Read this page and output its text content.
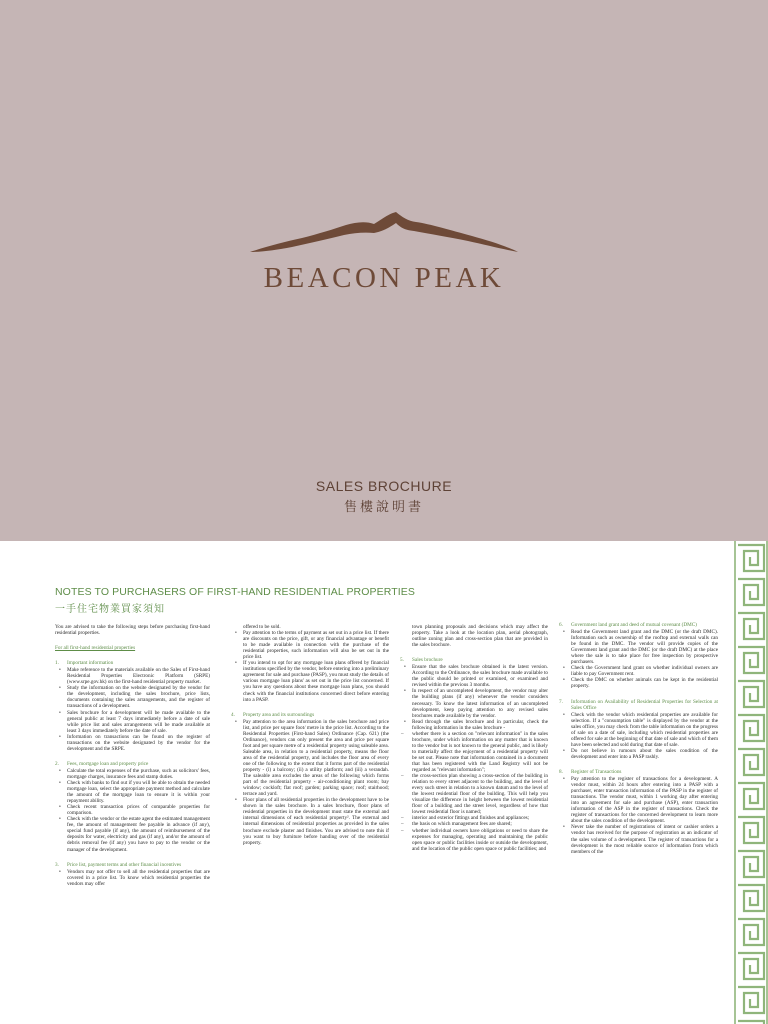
BEACON PEAK
SALES BROCHURE
售樓說明書
NOTES TO PURCHASERS OF FIRST-HAND RESIDENTIAL PROPERTIES
一手住宅物業買家須知

You are advised to take the following steps before purchasing first-hand residential properties.

For all first-hand residential properties

1. Important information
• Make reference to the materials available on the Sales of First-hand Residential Properties Electronic Platform (SRPE) (www.srpe.gov.hk) on the first-hand residential property market.
• Study the information on the website designated by the vendor for the development, including the sales brochure, price lists, documents containing the sales arrangements, and the register of transactions of a development.
• Sales brochure for a development will be made available to the general public at least 7 days immediately before a date of sale while price list and sales arrangements will be made available at least 3 days immediately before the date of sale.
• Information on transactions can be found on the register of transactions on the website designated by the vendor for the development and the SRPE.
2. Fees, mortgage loan and property price
• Calculate the total expenses of the purchase, such as solicitors' fees, mortgage charges, insurance fees and stamp duties.
• Check with banks to find out if you will be able to obtain the needed mortgage loan, select the appropriate payment method and calculate the amount of the mortgage loan to ensure it is within your repayment ability.
• Check recent transaction prices of comparable properties for comparison.
• Check with the vendor or the estate agent the estimated management fee, the amount of management fee payable in advance (if any), special fund payable (if any), the amount of reimbursement of the deposits for water, electricity and gas (if any), and/or the amount of debris removal fee (if any) you have to pay to the vendor or the manager of the development.
3. Price list, payment terms and other financial incentives
• Vendors may not offer to sell all the residential properties that are covered in a price list. To know which residential properties the vendors may offer

offered to be sold.

• Pay attention to the terms of payment as set out in a price list. If there are discounts on the price, gift, or any financial advantage or benefit to be made available in connection with the purchase of the residential properties, such information will also be set out in the price list.
• If you intend to opt for any mortgage loan plans offered by financial institutions specified by the vendor, before entering into a preliminary agreement for sale and purchase (PASP), you must study the details of various mortgage loan plans' as set out in the price list concerned. If you have any questions about these mortgage loan plans, you should check with the financial institutions concerned direct before entering into a PASP.
4. Property area and its surroundings
• Pay attention to the area information in the sales brochure and price list, and price per square foot/ metre in the price list. According to the Residential Properties (First-hand Sales) Ordinance (Cap. 621) (the Ordinance), vendors can only present the area and price per square foot and per square metre of a residential property using saleable area. Saleable area, in relation to a residential property, means the floor area of the residential property, and includes the floor area of every one of the following to the extent that it forms part of the residential property - (i) a balcony; (ii) a utility platform; and (iii) a verandah. The saleable area excludes the areas of the following which forms part of the residential property - air-conditioning plant room; bay window; cockloft; flat roof; garden; parking space; roof; stairhood; terrace and yard.
• Floor plans of all residential properties in the development have to be shown in the sales brochure. In a sales brochure, floor plans of residential properties in the development must state the external and internal dimensions of each residential property². The external and internal dimensions of residential properties as provided in the sales brochure exclude plaster and finishes. You are advised to note this if you want to buy furniture before handing over of the residential property.

town planning proposals and decisions which may affect the property. Take a look at the location plan, aerial photograph, outline zoning plan and cross-section plan that are provided in the sales brochure.

5. Sales brochure
• Ensure that the sales brochure obtained is the latest version. According to the Ordinance, the sales brochure made available to the public should be printed or examined, or examined and revised within the previous 3 months.
• In respect of an uncompleted development, the vendor may alter the building plans (if any) whenever the vendor considers necessary. To know the latest information of an uncompleted development, keep paying attention to any revised sales brochures made available by the vendor.
• Read through the sales brochure and in particular, check the following information in the sales brochure -
– whether there is a section on "relevant information" in the sales brochure, under which information on any matter that is known to the vendor but is not known to the general public, and is likely to materially affect the enjoyment of a residential property will be set out. Please note that information contained in a document that has been registered with the Land Registry will not be regarded as "relevant information";
– the cross-section plan showing a cross-section of the building in relation to every street adjacent to the building, and the level of every such street in relation to a known datum and to the level of the lowest residential floor of the building. This will help you visualize the difference in height between the lowest residential floor of a building and the street level, regardless of how that lowest residential floor is named;
– interior and exterior fittings and finishes and appliances;
– the basis on which management fees are shared;
– whether individual owners have obligations or need to share the expenses for managing, operating and maintaining the public open space or public facilities inside or outside the development, and the location of the public open space or public facilities; and
6. Government land grant and deed of mutual covenant (DMC)
• Read the Government land grant and the DMC (or the draft DMC). Information such as ownership of the rooftop and external walls can be found in the DMC. The vendor will provide copies of the Government land grant and the DMC (or the draft DMC) at the place where the sale is to take place for free inspection by prospective purchasers.
• Check the Government land grant on whether individual owners are liable to pay Government rent.
• Check the DMC on whether animals can be kept in the residential property.
7. Information on Availability of Residential Properties for Selection at Sales Office
• Check with the vendor which residential properties are available for selection. If a "consumption table" is displayed by the vendor at the sales office, you may check from the table information on the progress of sale on a date of sale, including which residential properties are offered for sale at the beginning of that date of sale and which of them have been selected and sold during that date of sale.
• Do not believe in rumours about the sales condition of the development and enter into a PASP rashly.
8. Register of Transactions
• Pay attention to the register of transactions for a development. A vendor must, within 24 hours after entering into a PASP with a purchaser, enter transaction information of the PASP in the register of transactions. The vendor must, within 1 working day after entering into an agreement for sale and purchase (ASP), enter transaction information of the ASP in the register of transactions. Check the register of transactions for the concerned development to learn more about the sales condition of the development.
• Never take the number of registrations of intent or cashier orders a vendor has received for the purpose of registration as an indicator of the sales volume of a development. The register of transactions for a development is the most reliable source of information from which members of the
